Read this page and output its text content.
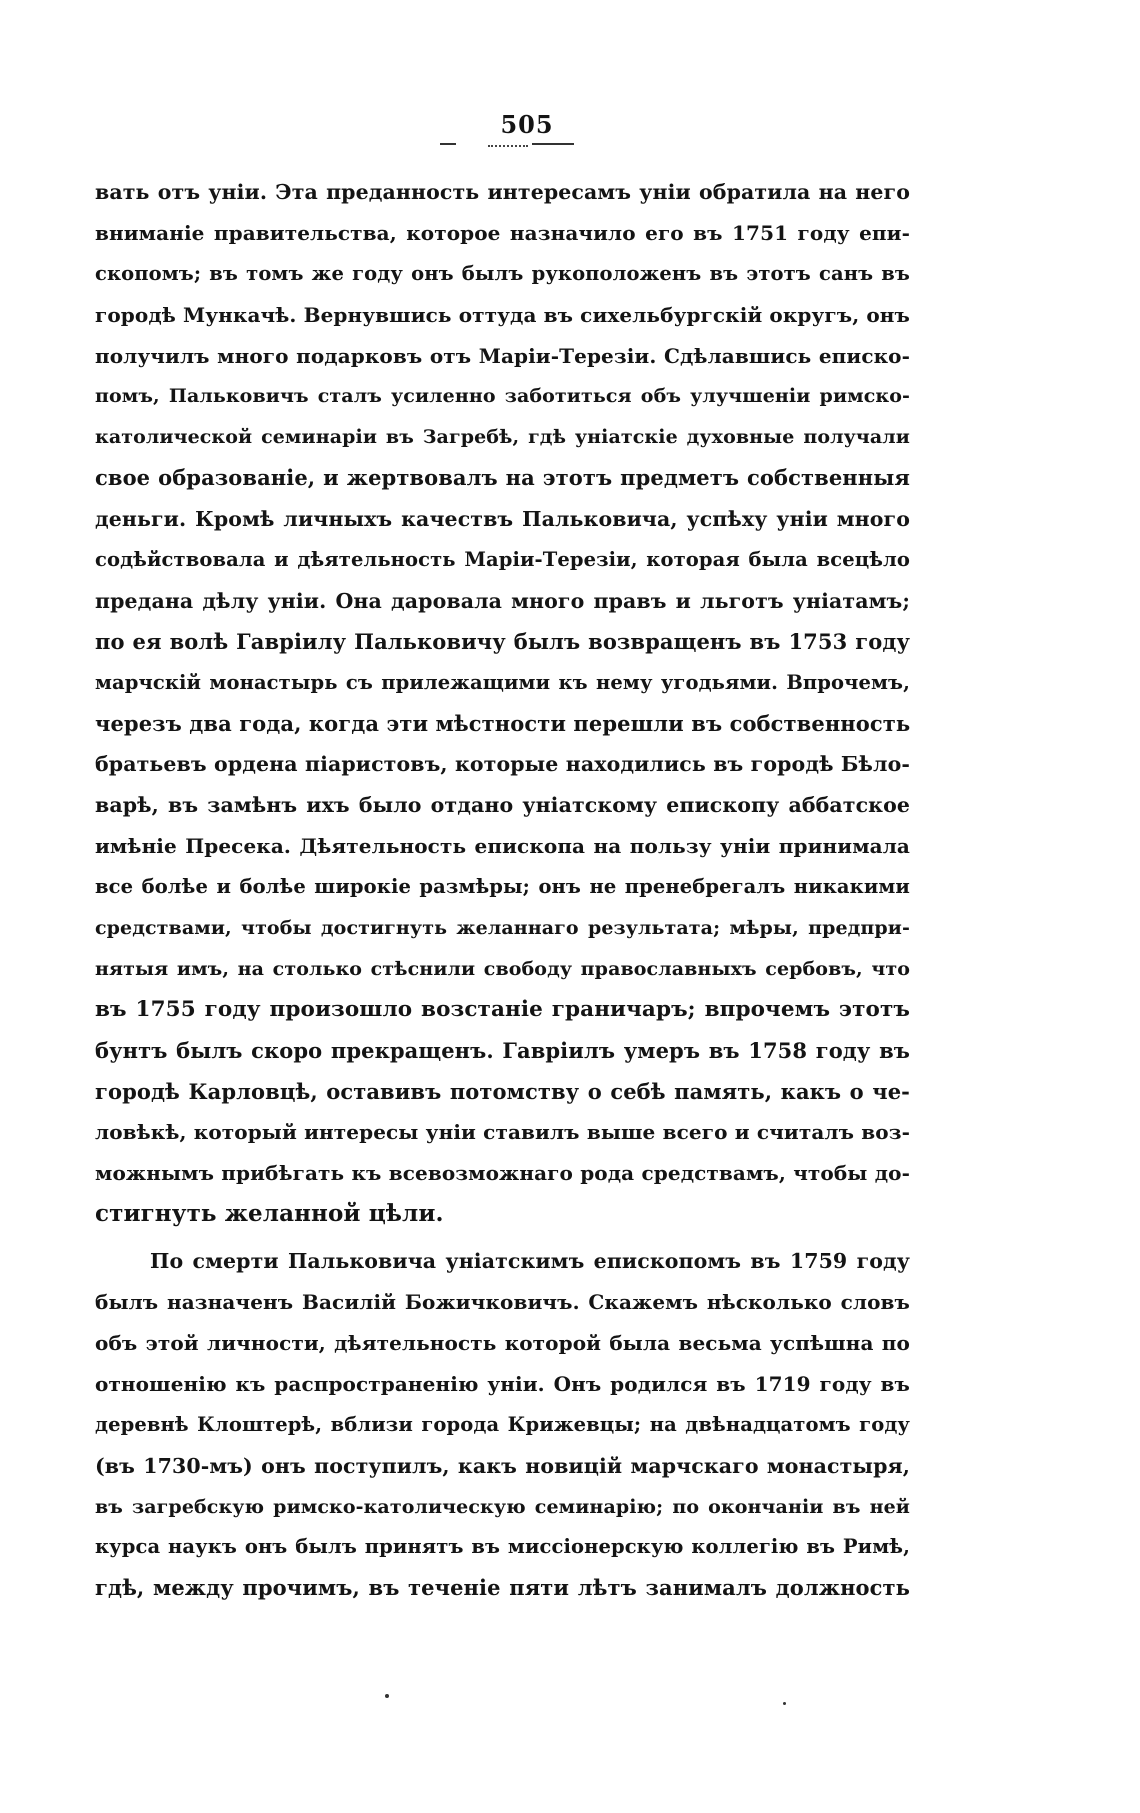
505
вать отъ уніи. Эта преданность интересамъ уніи обратила на него
вниманіе правительства, которое назначило его въ 1751 году епи-
скопомъ; въ томъ же году онъ былъ рукоположенъ въ этотъ санъ въ
городѣ Мункачѣ. Вернувшись оттуда въ сихельбургскій округъ, онъ
получилъ много подарковъ отъ Маріи-Терезіи. Сдѣлавшись еписко-
помъ, Пальковичъ сталъ усиленно заботиться объ улучшеніи римско-
католической семинаріи въ Загребѣ, гдѣ уніатскіе духовные получали
свое образованіе, и жертвовалъ на этотъ предметъ собственныя
деньги. Кромѣ личныхъ качествъ Пальковича, успѣху уніи много
содѣйствовала и дѣятельность Маріи-Терезіи, которая была всецѣло
предана дѣлу уніи. Она даровала много правъ и льготъ уніатамъ;
по ея волѣ Гавріилу Пальковичу былъ возвращенъ въ 1753 году
марчскій монастырь съ прилежащими къ нему угодьями. Впрочемъ,
черезъ два года, когда эти мѣстности перешли въ собственность
братьевъ ордена піаристовъ, которые находились въ городѣ Бѣло-
варѣ, въ замѣнъ ихъ было отдано уніатскому епископу аббатское
имѣніе Пресека. Дѣятельность епископа на пользу уніи принимала
все болѣе и болѣе широкіе размѣры; онъ не пренебрегалъ никакими
средствами, чтобы достигнуть желаннаго результата; мѣры, предпри-
нятыя имъ, на столько стѣснили свободу православныхъ сербовъ, что
въ 1755 году произошло возстаніе граничаръ; впрочемъ этотъ
бунтъ былъ скоро прекращенъ. Гавріилъ умеръ въ 1758 году въ
городѣ Карловцѣ, оставивъ потомству о себѣ память, какъ о че-
ловѣкѣ, который интересы уніи ставилъ выше всего и считалъ воз-
можнымъ прибѣгать къ всевозможнаго рода средствамъ, чтобы до-
стигнуть желанной цѣли.
По смерти Пальковича уніатскимъ епископомъ въ 1759 году
былъ назначенъ Василій Божичковичъ. Скажемъ нѣсколько словъ
объ этой личности, дѣятельность которой была весьма успѣшна по
отношенію къ распространенію уніи. Онъ родился въ 1719 году въ
деревнѣ Клоштерѣ, вблизи города Крижевцы; на двѣнадцатомъ году
(въ 1730-мъ) онъ поступилъ, какъ новицій марчскаго монастыря,
въ загребскую римско-католическую семинарію; по окончаніи въ ней
курса наукъ онъ былъ принятъ въ миссіонерскую коллегію въ Римѣ,
гдѣ, между прочимъ, въ теченіе пяти лѣтъ занималъ должность
